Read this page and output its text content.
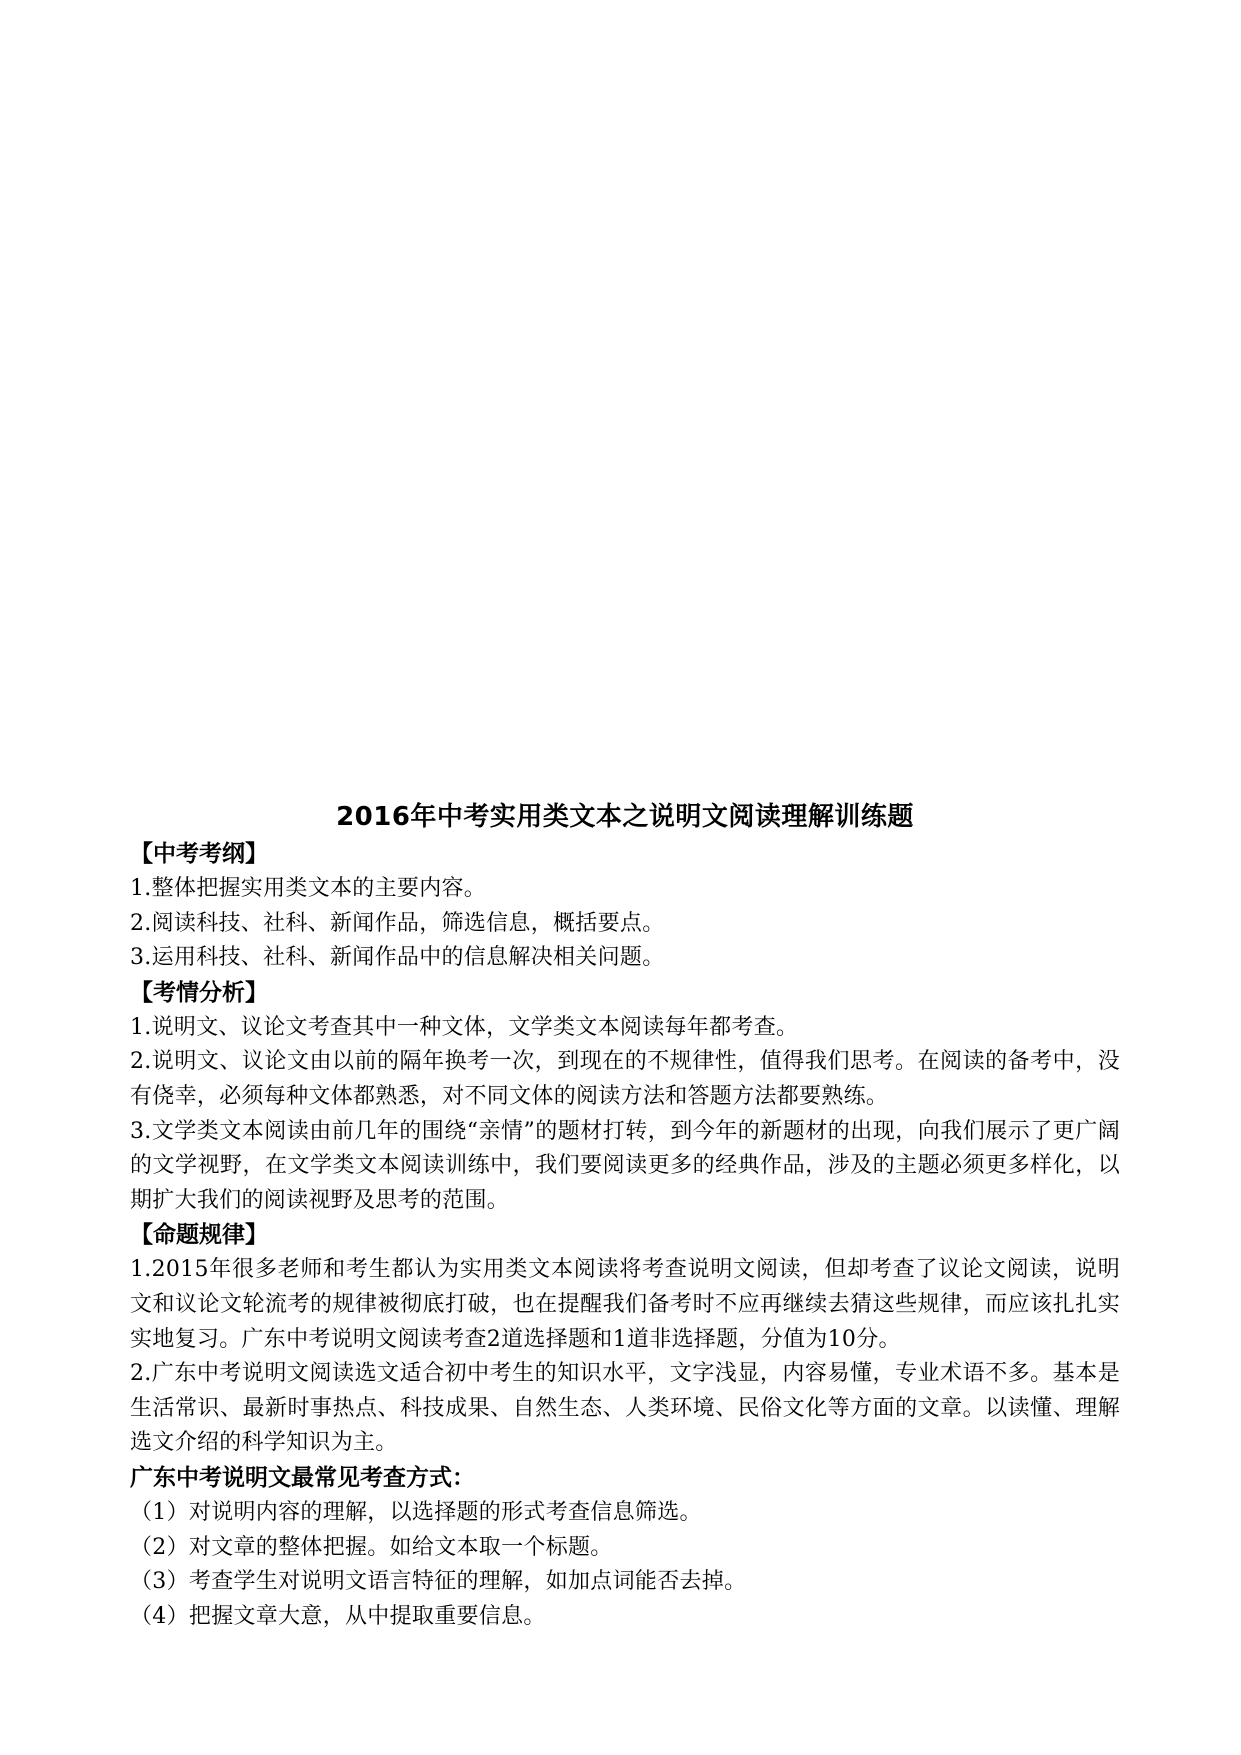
2016年中考实用类文本之说明文阅读理解训练题

【中考考纲】

1.整体把握实用类文本的主要内容。

2.阅读科技、社科、新闻作品，筛选信息，概括要点。

3.运用科技、社科、新闻作品中的信息解决相关问题。

【考情分析】

1.说明文、议论文考查其中一种文体，文学类文本阅读每年都考查。

2.说明文、议论文由以前的隔年换考一次，到现在的不规律性，值得我们思考。在阅读的备考中，没有侥幸，必须每种文体都熟悉，对不同文体的阅读方法和答题方法都要熟练。

3.文学类文本阅读由前几年的围绕“亲情”的题材打转，到今年的新题材的出现，向我们展示了更广阔的文学视野，在文学类文本阅读训练中，我们要阅读更多的经典作品，涉及的主题必须更多样化，以期扩大我们的阅读视野及思考的范围。

【命题规律】

1.2015年很多老师和考生都认为实用类文本阅读将考查说明文阅读，但却考查了议论文阅读，说明文和议论文轮流考的规律被彻底打破，也在提醒我们备考时不应再继续去猜这些规律，而应该扎扎实实地复习。广东中考说明文阅读考查2道选择题和1道非选择题，分值为10分。

2.广东中考说明文阅读选文适合初中考生的知识水平，文字浅显，内容易懂，专业术语不多。基本是生活常识、最新时事热点、科技成果、自然生态、人类环境、民俗文化等方面的文章。以读懂、理解选文介绍的科学知识为主。

广东中考说明文最常见考查方式：

（1）对说明内容的理解，以选择题的形式考查信息筛选。

（2）对文章的整体把握。如给文本取一个标题。

（3）考查学生对说明文语言特征的理解，如加点词能否去掉。

（4）把握文章大意，从中提取重要信息。
